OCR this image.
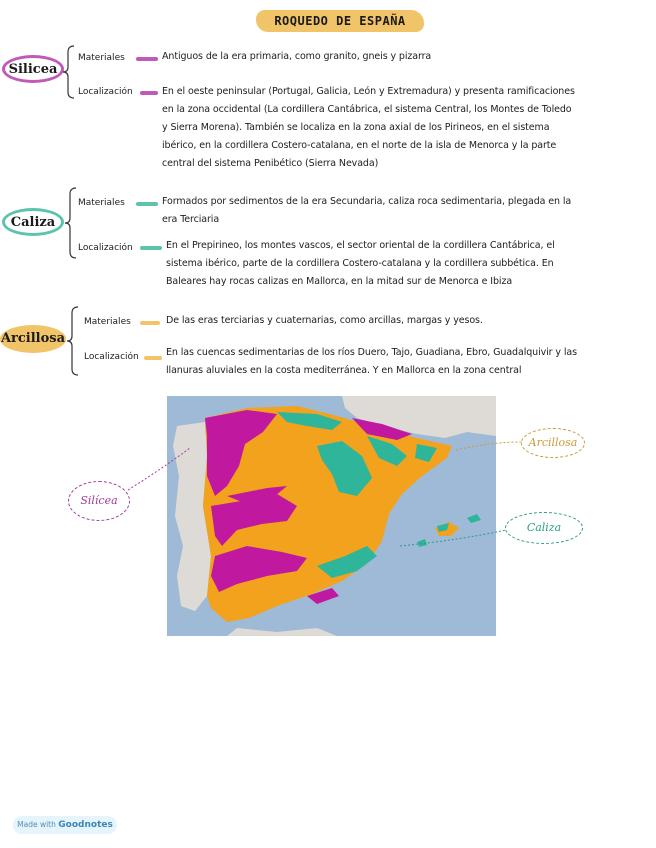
ROQUEDO DE ESPAÑA
Silicea
Materiales	Antiguos de la era primaria, como granito, gneis y pizarra
Localización	En el oeste peninsular (Portugal, Galicia, León y Extremadura) y presenta ramificaciones
en la zona occidental (La cordillera Cantábrica, el sistema Central, los Montes de Toledo
y Sierra Morena). También se localiza en la zona axial de los Pirineos, en el sistema
ibérico, en la cordillera Costero-catalana, en el norte de la isla de Menorca y la parte
central del sistema Penibético (Sierra Nevada)
Caliza
Materiales	Formados por sedimentos de la era Secundaria, caliza roca sedimentaria, plegada en la
era Terciaria
Localización	En el Prepirineo, los montes vascos, el sector oriental de la cordillera Cantábrica, el
sistema ibérico, parte de la cordillera Costero-catalana y la cordillera subbética. En
Baleares hay rocas calizas en Mallorca, en la mitad sur de Menorca e Ibiza
Arcillosa
Materiales	De las eras terciarias y cuaternarias, como arcillas, margas y yesos.
Localización	En las cuencas sedimentarias de los ríos Duero, Tajo, Guadiana, Ebro, Guadalquivir y las
llanuras aluviales en la costa mediterránea. Y en Mallorca en la zona central
Silícea
Arcillosa
Caliza
Made with Goodnotes
